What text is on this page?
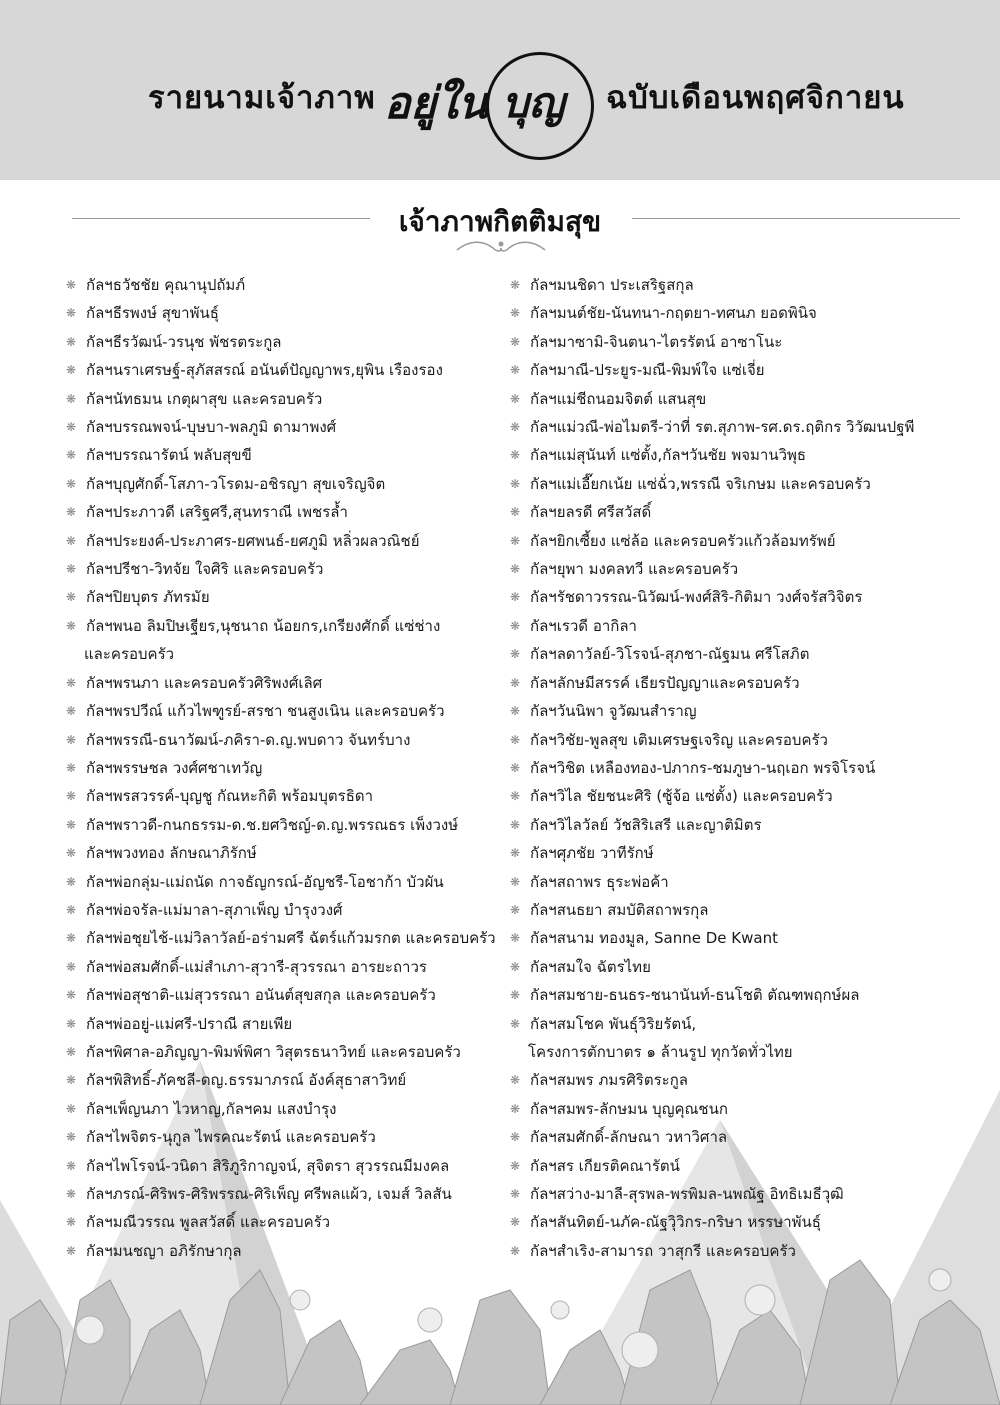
รายนามเจ้าภาพ อยู่ใน บุญ ฉบับเดือนพฤศจิกายน
เจ้าภาพกิตติมสุข
❋ กัลฯธวัชชัย คุณานุปถัมภ์
❋ กัลฯธีรพงษ์ สุขาพันธุ์
❋ กัลฯธีรวัฒน์-วรนุช พัชรตระกูล
❋ กัลฯนราเศรษฐ์-สุภัสสรณ์ อนันต์ปัญญาพร,ยุพิน เรืองรอง
❋ กัลฯนัทธมน เกตุผาสุข และครอบครัว
❋ กัลฯบรรณพจน์-บุษบา-พลภูมิ ดามาพงศ์
❋ กัลฯบรรณารัตน์ พลับสุขขี
❋ กัลฯบุญศักดิ์-โสภา-วโรดม-อชิรญา สุขเจริญจิต
❋ กัลฯประภาวดี เสริฐศรี,สุนทราณี เพชรล้ำ
❋ กัลฯประยงค์-ประภาศร-ยศพนธ์-ยศภูมิ หลิ่วผลวณิชย์
❋ กัลฯปรีชา-วิทจัย ใจศิริ และครอบครัว
❋ กัลฯปิยบุตร ภัทรมัย
❋ กัลฯพนอ ลิมปิษเฐียร,นุชนาถ น้อยกร,เกรียงศักดิ์ แซ่ช่าง
และครอบครัว
❋ กัลฯพรนภา และครอบครัวศิริพงศ์เลิศ
❋ กัลฯพรปวีณ์ แก้วไพฑูรย์-สรชา ชนสูงเนิน และครอบครัว
❋ กัลฯพรรณี-ธนาวัฒน์-ภคิรา-ด.ญ.พบดาว จันทร์บาง
❋ กัลฯพรรษชล วงศ์ศชาเทวัญ
❋ กัลฯพรสวรรค์-บุญชู กัณหะกิติ พร้อมบุตรธิดา
❋ กัลฯพราวดี-กนกธรรม-ด.ช.ยศวิชญ์-ด.ญ.พรรณธร เพ็งวงษ์
❋ กัลฯพวงทอง ลักษณาภิรักษ์
❋ กัลฯพ่อกลุ่ม-แม่ถนัด กาจธัญกรณ์-อัญชรี-โอชาก้า บัวผัน
❋ กัลฯพ่อจรัล-แม่มาลา-สุภาเพ็ญ บำรุงวงศ์
❋ กัลฯพ่อชุยไช้-แม่วิลาวัลย์-อร่ามศรี ฉัตร์แก้วมรกต และครอบครัว
❋ กัลฯพ่อสมศักดิ์-แม่สำเภา-สุวารี-สุวรรณา อารยะถาวร
❋ กัลฯพ่อสุชาติ-แม่สุวรรณา อนันต์สุขสกุล และครอบครัว
❋ กัลฯพ่ออยู่-แม่ศรี-ปราณี สายเพีย
❋ กัลฯพิศาล-อภิญญา-พิมพ์พิศา วิสุตรธนาวิทย์ และครอบครัว
❋ กัลฯพิสิทธิ์-ภัคชลี-ดญ.ธรรมาภรณ์ อังค์สุธาสาวิทย์
❋ กัลฯเพ็ญนภา ไวหาญ,กัลฯคม แสงบำรุง
❋ กัลฯไพจิตร-นุกูล ไพรคณะรัตน์ และครอบครัว
❋ กัลฯไพโรจน์-วนิดา สิริภูริกาญจน์, สุจิตรา สุวรรณมีมงคล
❋ กัลฯภรณ์-ศิริพร-ศิริพรรณ-ศิริเพ็ญ ศรีพลแผ้ว, เจมส์ วิลสัน
❋ กัลฯมณีวรรณ พูลสวัสดิ์ และครอบครัว
❋ กัลฯมนชญา อภิรักษากุล
❋ กัลฯมนชิดา ประเสริฐสกุล
❋ กัลฯมนต์ชัย-นันทนา-กฤตยา-ทศนภ ยอดพินิจ
❋ กัลฯมาซามิ-จินตนา-ไตรรัตน์ อาซาโนะ
❋ กัลฯมาณี-ประยูร-มณี-พิมพ์ใจ แซ่เจี่ย
❋ กัลฯแม่ชีถนอมจิตต์ แสนสุข
❋ กัลฯแม่วณี-พ่อไมตรี-ว่าที่ รต.สุภาพ-รศ.ดร.ฤติกร วิวัฒนปฐพี
❋ กัลฯแม่สุนันท์ แซ่ตั้ง,กัลฯวันชัย พจมานวิพุธ
❋ กัลฯแม่เอี๊ยกเน้ย แซ่ฉั่ว,พรรณี จริเกษม และครอบครัว
❋ กัลฯยลรดี ศรีสวัสดิ์
❋ กัลฯยิกเซี้ยง แซ่ล้อ และครอบครัวแก้วล้อมทรัพย์
❋ กัลฯยุพา มงคลทวี และครอบครัว
❋ กัลฯรัชดาวรรณ-นิวัฒน์-พงศ์สิริ-กิติมา วงศ์จรัสวิจิตร
❋ กัลฯเรวดี อากิลา
❋ กัลฯลดาวัลย์-วิโรจน์-สุภชา-ณัฐมน ศรีโสภิต
❋ กัลฯลักษมีสรรค์ เธียรปัญญาและครอบครัว
❋ กัลฯวันนิพา จูวัฒนสำราญ
❋ กัลฯวิชัย-พูลสุข เติมเศรษฐเจริญ และครอบครัว
❋ กัลฯวิชิต เหลืองทอง-ปภากร-ชมภูษา-นฤเอก พรจิโรจน์
❋ กัลฯวิไล ชัยชนะศิริ (ซู้จ้อ แซ่ตั้ง) และครอบครัว
❋ กัลฯวิไลวัลย์ วัชสิริเสรี และญาติมิตร
❋ กัลฯศุภชัย วาทีรักษ์
❋ กัลฯสถาพร ธุระพ่อค้า
❋ กัลฯสนธยา สมบัติสถาพรกุล
❋ กัลฯสนาม ทองมูล, Sanne De Kwant
❋ กัลฯสมใจ ฉัตรไทย
❋ กัลฯสมชาย-ธนธร-ชนานันท์-ธนโชติ ตัณฑพฤกษ์ผล
❋ กัลฯสมโชค พันธุ์วิริยรัตน์,
โครงการตักบาตร ๑ ล้านรูป ทุกวัดทั่วไทย
❋ กัลฯสมพร ภมรศิริตระกูล
❋ กัลฯสมพร-ลักษมน บุญคุณชนก
❋ กัลฯสมศักดิ์-ลักษณา วหาวิศาล
❋ กัลฯสร เกียรติคณารัตน์
❋ กัลฯสว่าง-มาลี-สุรพล-พรพิมล-นพณัฐ อิทธิเมธีวุฒิ
❋ กัลฯสันทิตย์-นภัค-ณัฐวุิวิกร-กริษา หรรษาพันธุ์
❋ กัลฯสำเริง-สามารถ วาสุกรี และครอบครัว
